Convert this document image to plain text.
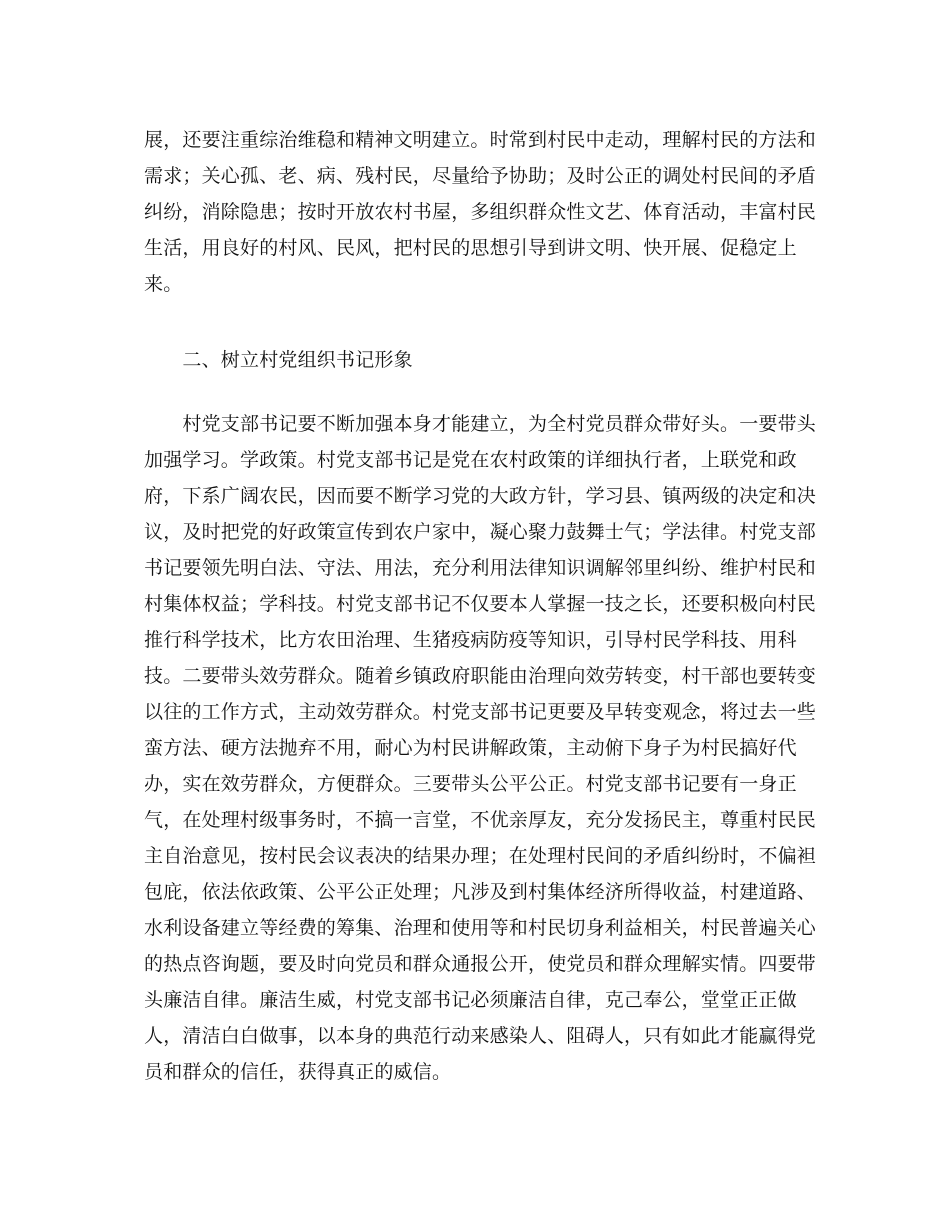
展，还要注重综治维稳和精神文明建立。时常到村民中走动，理解村民的方法和
需求；关心孤、老、病、残村民，尽量给予协助；及时公正的调处村民间的矛盾
纠纷，消除隐患；按时开放农村书屋，多组织群众性文艺、体育活动，丰富村民
生活，用良好的村风、民风，把村民的思想引导到讲文明、快开展、促稳定上
来。
　　二、树立村党组织书记形象
　　村党支部书记要不断加强本身才能建立，为全村党员群众带好头。一要带头
加强学习。学政策。村党支部书记是党在农村政策的详细执行者，上联党和政
府，下系广阔农民，因而要不断学习党的大政方针，学习县、镇两级的决定和决
议，及时把党的好政策宣传到农户家中，凝心聚力鼓舞士气；学法律。村党支部
书记要领先明白法、守法、用法，充分利用法律知识调解邻里纠纷、维护村民和
村集体权益；学科技。村党支部书记不仅要本人掌握一技之长，还要积极向村民
推行科学技术，比方农田治理、生猪疫病防疫等知识，引导村民学科技、用科
技。二要带头效劳群众。随着乡镇政府职能由治理向效劳转变，村干部也要转变
以往的工作方式，主动效劳群众。村党支部书记更要及早转变观念，将过去一些
蛮方法、硬方法抛弃不用，耐心为村民讲解政策，主动俯下身子为村民搞好代
办，实在效劳群众，方便群众。三要带头公平公正。村党支部书记要有一身正
气，在处理村级事务时，不搞一言堂，不优亲厚友，充分发扬民主，尊重村民民
主自治意见，按村民会议表决的结果办理；在处理村民间的矛盾纠纷时，不偏袒
包庇，依法依政策、公平公正处理；凡涉及到村集体经济所得收益，村建道路、
水利设备建立等经费的筹集、治理和使用等和村民切身利益相关，村民普遍关心
的热点咨询题，要及时向党员和群众通报公开，使党员和群众理解实情。四要带
头廉洁自律。廉洁生威，村党支部书记必须廉洁自律，克己奉公，堂堂正正做
人，清洁白白做事，以本身的典范行动来感染人、阻碍人，只有如此才能赢得党
员和群众的信任，获得真正的威信。
